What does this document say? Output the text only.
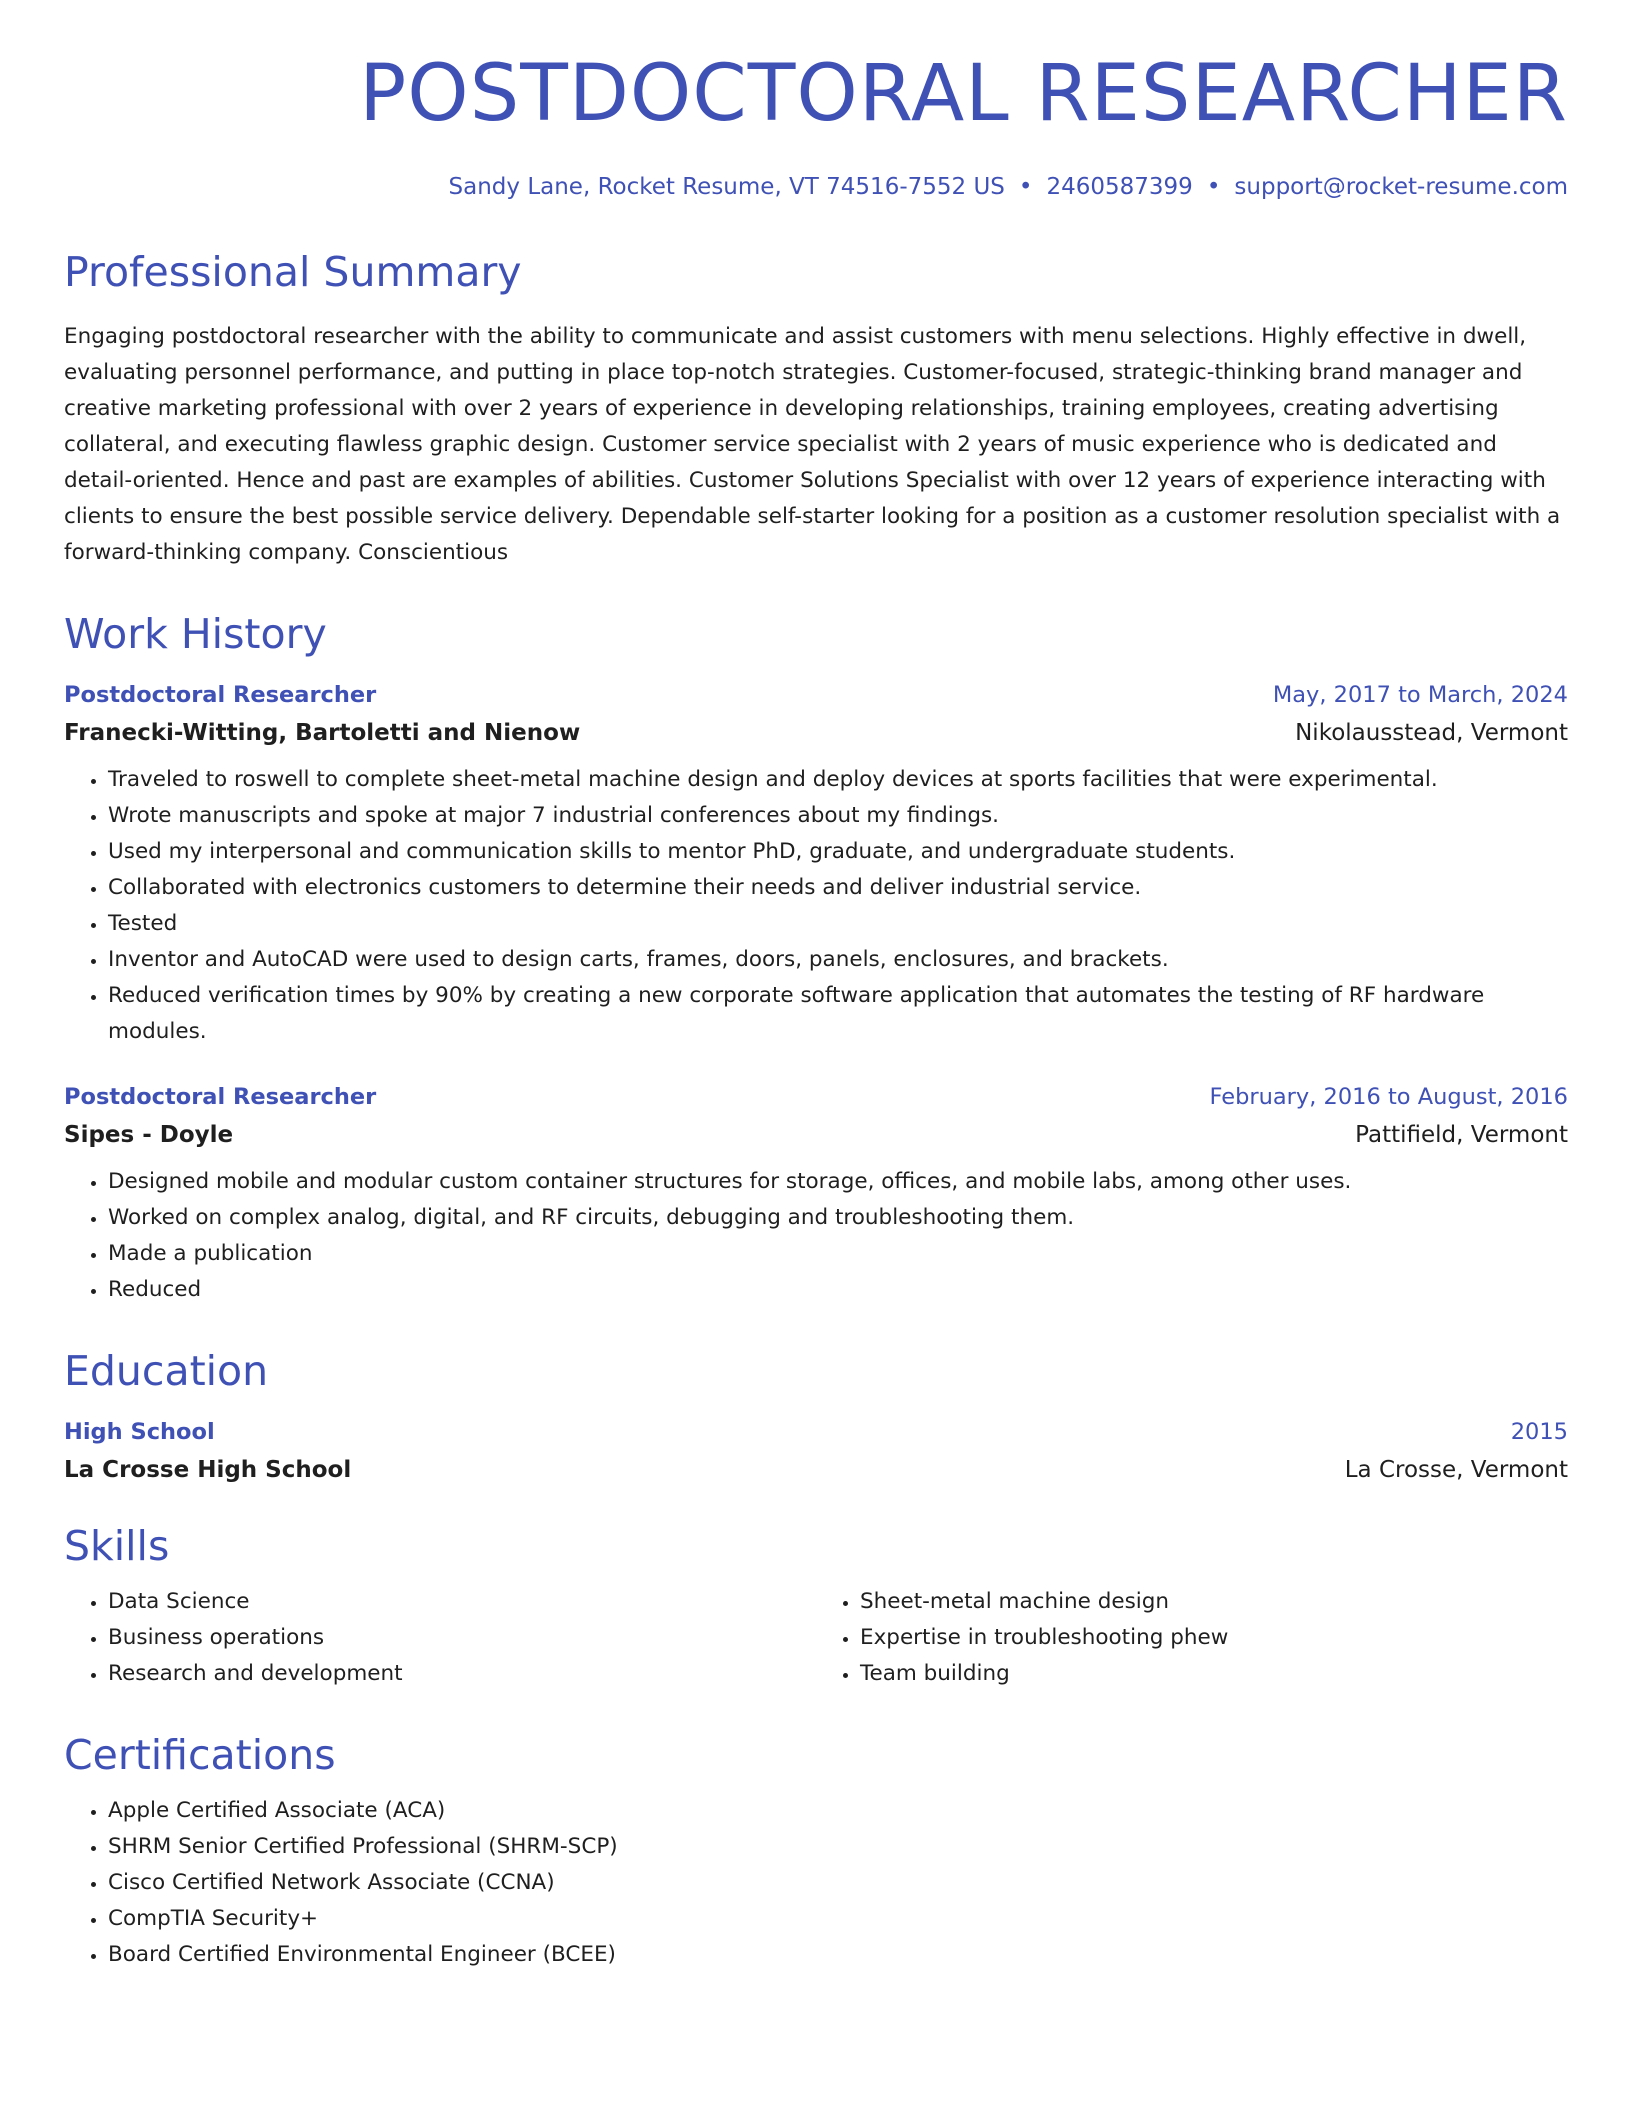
POSTDOCTORAL RESEARCHER
Sandy Lane, Rocket Resume, VT 74516-7552 US • 2460587399 • support@rocket-resume.com
Professional Summary
Engaging postdoctoral researcher with the ability to communicate and assist customers with menu selections. Highly effective in dwell, evaluating personnel performance, and putting in place top-notch strategies. Customer-focused, strategic-thinking brand manager and creative marketing professional with over 2 years of experience in developing relationships, training employees, creating advertising collateral, and executing flawless graphic design. Customer service specialist with 2 years of music experience who is dedicated and detail-oriented. Hence and past are examples of abilities. Customer Solutions Specialist with over 12 years of experience interacting with clients to ensure the best possible service delivery. Dependable self-starter looking for a position as a customer resolution specialist with a forward-thinking company. Conscientious
Work History
Postdoctoral Researcher	May, 2017 to March, 2024
Franecki-Witting, Bartoletti and Nienow	Nikolausstead, Vermont
• Traveled to roswell to complete sheet-metal machine design and deploy devices at sports facilities that were experimental.
• Wrote manuscripts and spoke at major 7 industrial conferences about my findings.
• Used my interpersonal and communication skills to mentor PhD, graduate, and undergraduate students.
• Collaborated with electronics customers to determine their needs and deliver industrial service.
• Tested
• Inventor and AutoCAD were used to design carts, frames, doors, panels, enclosures, and brackets.
• Reduced verification times by 90% by creating a new corporate software application that automates the testing of RF hardware modules.
Postdoctoral Researcher	February, 2016 to August, 2016
Sipes - Doyle	Pattifield, Vermont
• Designed mobile and modular custom container structures for storage, offices, and mobile labs, among other uses.
• Worked on complex analog, digital, and RF circuits, debugging and troubleshooting them.
• Made a publication
• Reduced
Education
High School	2015
La Crosse High School	La Crosse, Vermont
Skills
• Data Science
• Business operations
• Research and development
• Sheet-metal machine design
• Expertise in troubleshooting phew
• Team building
Certifications
• Apple Certified Associate (ACA)
• SHRM Senior Certified Professional (SHRM-SCP)
• Cisco Certified Network Associate (CCNA)
• CompTIA Security+
• Board Certified Environmental Engineer (BCEE)
